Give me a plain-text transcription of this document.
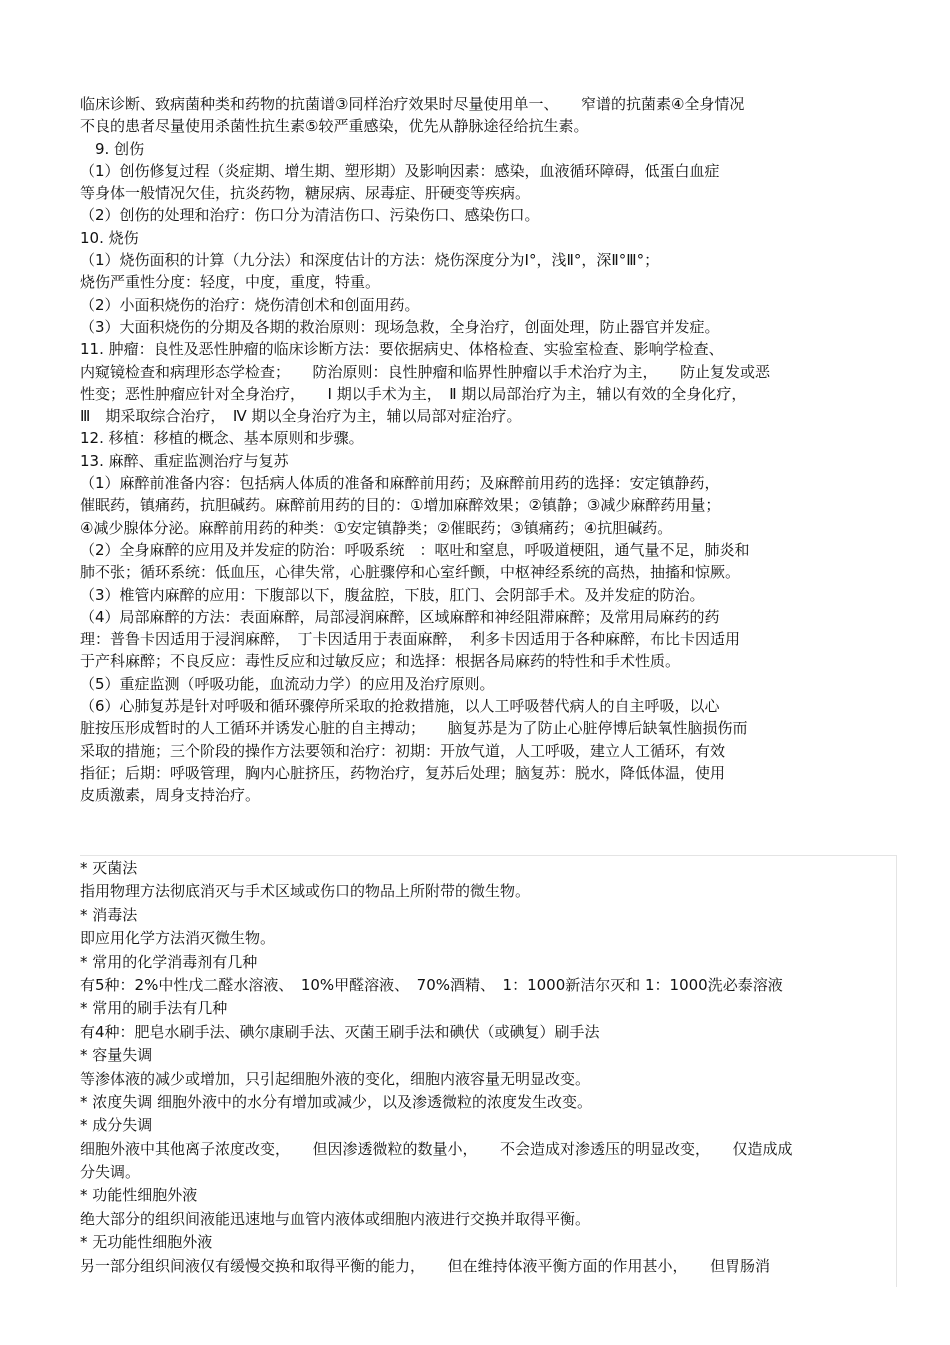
临床诊断、致病菌种类和药物的抗菌谱③同样治疗效果时尽量使用单一、　　窄谱的抗菌素④全身情况
不良的患者尽量使用杀菌性抗生素⑤较严重感染，优先从静脉途径给抗生素。
　9. 创伤
（1）创伤修复过程（炎症期、增生期、塑形期）及影响因素：感染，血液循环障碍，低蛋白血症
等身体一般情况欠佳，抗炎药物，糖尿病、尿毒症、肝硬变等疾病。
（2）创伤的处理和治疗：伤口分为清洁伤口、污染伤口、感染伤口。
10. 烧伤
（1）烧伤面积的计算（九分法）和深度估计的方法：烧伤深度分为Ⅰ°，浅Ⅱ°，深Ⅱ°Ⅲ°；
烧伤严重性分度：轻度，中度，重度，特重。
（2）小面积烧伤的治疗：烧伤清创术和创面用药。
（3）大面积烧伤的分期及各期的救治原则：现场急救，全身治疗，创面处理，防止器官并发症。
11. 肿瘤：良性及恶性肿瘤的临床诊断方法：要依据病史、体格检查、实验室检查、影响学检查、
内窥镜检查和病理形态学检查；　　防治原则：良性肿瘤和临界性肿瘤以手术治疗为主，　　防止复发或恶
性变；恶性肿瘤应针对全身治疗，　　Ⅰ 期以手术为主，　Ⅱ 期以局部治疗为主，辅以有效的全身化疗，
Ⅲ　期采取综合治疗，　Ⅳ 期以全身治疗为主，辅以局部对症治疗。
12. 移植：移植的概念、基本原则和步骤。
13. 麻醉、重症监测治疗与复苏
（1）麻醉前准备内容：包括病人体质的准备和麻醉前用药；及麻醉前用药的选择：安定镇静药，
催眠药，镇痛药，抗胆碱药。麻醉前用药的目的：①增加麻醉效果；②镇静；③减少麻醉药用量；
④减少腺体分泌。麻醉前用药的种类：①安定镇静类；②催眠药；③镇痛药；④抗胆碱药。
（2）全身麻醉的应用及并发症的防治：呼吸系统　：呕吐和窒息，呼吸道梗阻，通气量不足，肺炎和
肺不张；循环系统：低血压，心律失常，心脏骤停和心室纤颤，中枢神经系统的高热，抽搐和惊厥。
（3）椎管内麻醉的应用：下腹部以下，腹盆腔，下肢，肛门、会阴部手术。及并发症的防治。
（4）局部麻醉的方法：表面麻醉，局部浸润麻醉，区域麻醉和神经阻滞麻醉；及常用局麻药的药
理：普鲁卡因适用于浸润麻醉，　丁卡因适用于表面麻醉，　利多卡因适用于各种麻醉，布比卡因适用
于产科麻醉；不良反应：毒性反应和过敏反应；和选择：根据各局麻药的特性和手术性质。
（5）重症监测（呼吸功能，血流动力学）的应用及治疗原则。
（6）心肺复苏是针对呼吸和循环骤停所采取的抢救措施，以人工呼吸替代病人的自主呼吸，以心
脏按压形成暂时的人工循环并诱发心脏的自主搏动；　　脑复苏是为了防止心脏停博后缺氧性脑损伤而
采取的措施；三个阶段的操作方法要领和治疗：初期：开放气道，人工呼吸，建立人工循环，有效
指征；后期：呼吸管理，胸内心脏挤压，药物治疗，复苏后处理；脑复苏：脱水，降低体温，使用
皮质激素，周身支持治疗。
* 灭菌法
指用物理方法彻底消灭与手术区域或伤口的物品上所附带的微生物。
* 消毒法
即应用化学方法消灭微生物。
* 常用的化学消毒剂有几种
有5种：2%中性戊二醛水溶液、　10%甲醛溶液、　70%酒精、　1：1000新洁尔灭和 1：1000洗必泰溶液
* 常用的刷手法有几种
有4种：肥皂水刷手法、碘尔康刷手法、灭菌王刷手法和碘伏（或碘复）刷手法
* 容量失调
等渗体液的减少或增加，只引起细胞外液的变化，细胞内液容量无明显改变。
* 浓度失调 细胞外液中的水分有增加或减少，以及渗透微粒的浓度发生改变。
* 成分失调
细胞外液中其他离子浓度改变，　　但因渗透微粒的数量小，　　不会造成对渗透压的明显改变，　　仅造成成
分失调。
* 功能性细胞外液
绝大部分的组织间液能迅速地与血管内液体或细胞内液进行交换并取得平衡。
* 无功能性细胞外液
另一部分组织间液仅有缓慢交换和取得平衡的能力，　　但在维持体液平衡方面的作用甚小，　　但胃肠消
